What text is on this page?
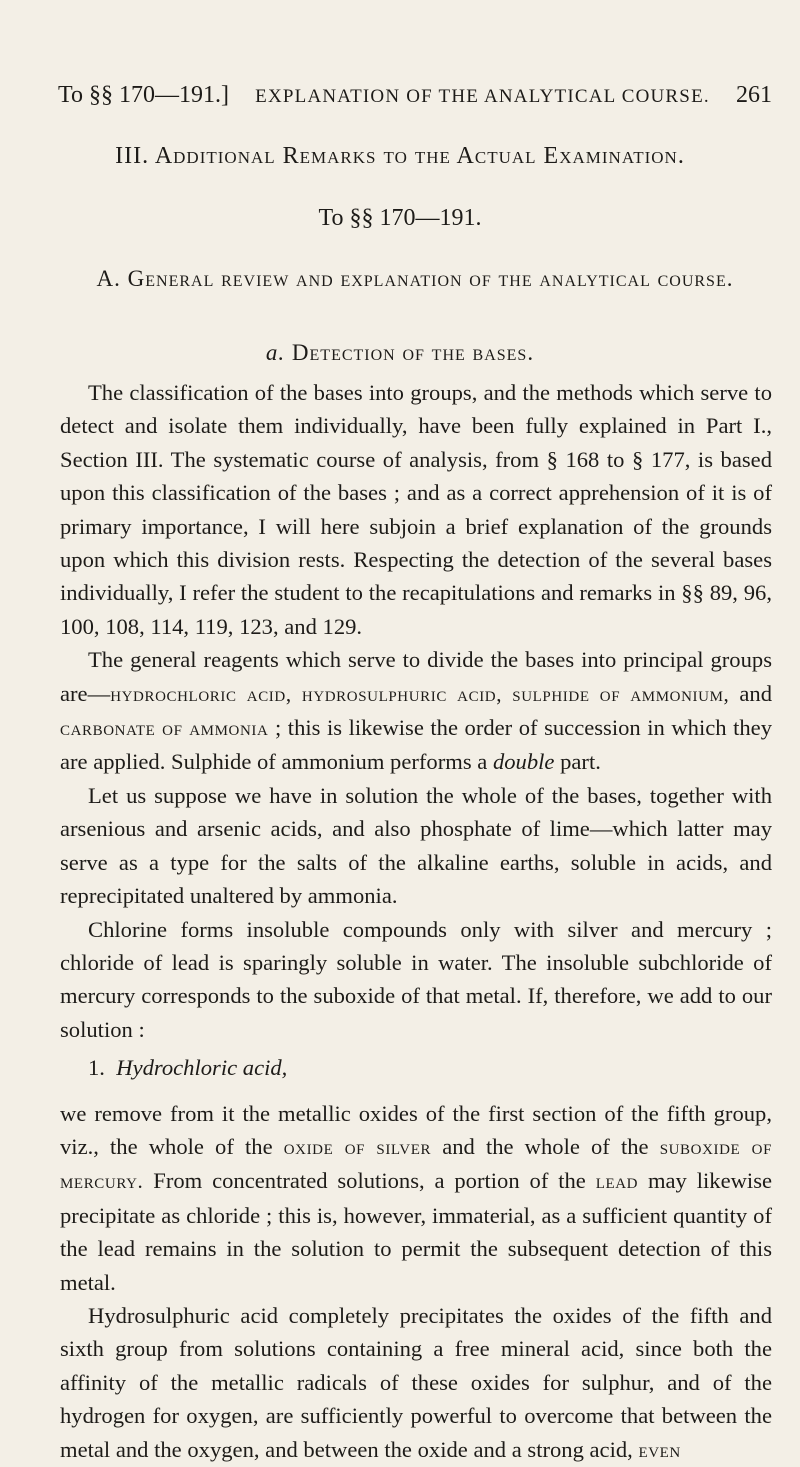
To §§ 170—191.] EXPLANATION OF THE ANALYTICAL COURSE. 261
III. Additional Remarks to the Actual Examination.
To §§ 170—191.
A. General review and explanation of the analytical course.
a. Detection of the bases.

The classification of the bases into groups, and the methods which serve to detect and isolate them individually, have been fully explained in Part I., Section III. The systematic course of analysis, from § 168 to § 177, is based upon this classification of the bases ; and as a correct apprehension of it is of primary importance, I will here subjoin a brief explanation of the grounds upon which this division rests. Respecting the detection of the several bases individually, I refer the student to the recapitulations and remarks in §§ 89, 96, 100, 108, 114, 119, 123, and 129.

The general reagents which serve to divide the bases into principal groups are—hydrochloric acid, hydrosulphuric acid, sulphide of ammonium, and carbonate of ammonia ; this is likewise the order of succession in which they are applied. Sulphide of ammonium performs a double part.

Let us suppose we have in solution the whole of the bases, together with arsenious and arsenic acids, and also phosphate of lime—which latter may serve as a type for the salts of the alkaline earths, soluble in acids, and reprecipitated unaltered by ammonia.

Chlorine forms insoluble compounds only with silver and mercury ; chloride of lead is sparingly soluble in water. The insoluble subchloride of mercury corresponds to the suboxide of that metal. If, therefore, we add to our solution :

1. Hydrochloric acid,

we remove from it the metallic oxides of the first section of the fifth group, viz., the whole of the oxide of silver and the whole of the suboxide of mercury. From concentrated solutions, a portion of the lead may likewise precipitate as chloride ; this is, however, immaterial, as a sufficient quantity of the lead remains in the solution to permit the subsequent detection of this metal.

Hydrosulphuric acid completely precipitates the oxides of the fifth and sixth group from solutions containing a free mineral acid, since both the affinity of the metallic radicals of these oxides for sulphur, and of the hydrogen for oxygen, are sufficiently powerful to overcome that between the metal and the oxygen, and between the oxide and a strong acid, even
